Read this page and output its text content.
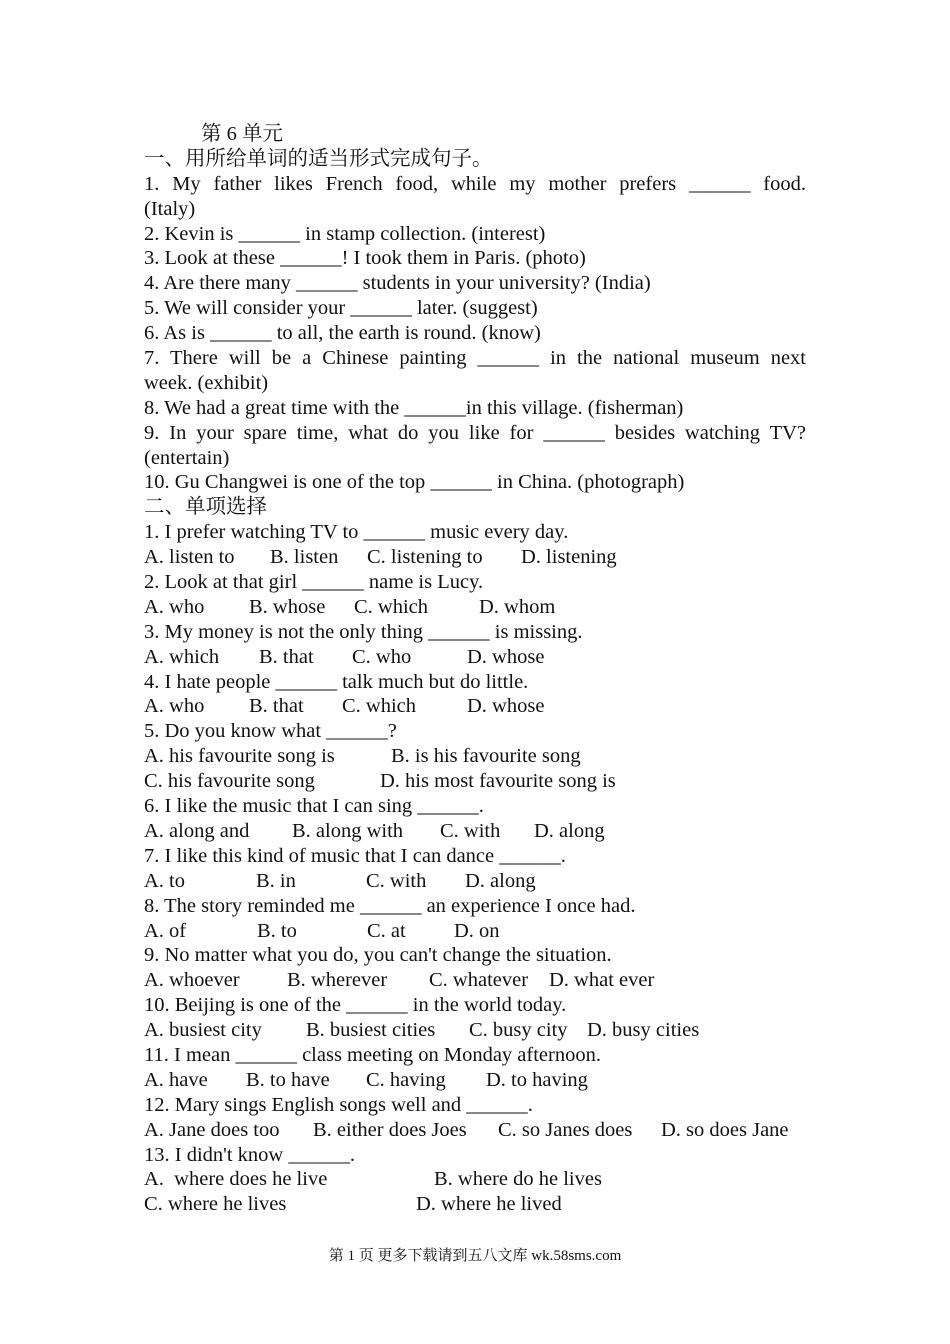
第 6 单元
一、用所给单词的适当形式完成句子。
1. My father likes French food, while my mother prefers ______ food.
(Italy)
2. Kevin is ______ in stamp collection. (interest)
3. Look at these ______! I took them in Paris. (photo)
4. Are there many ______ students in your university? (India)
5. We will consider your ______ later. (suggest)
6. As is ______ to all, the earth is round. (know)
7. There will be a Chinese painting ______ in the national museum next
week. (exhibit)
8. We had a great time with the ______in this village. (fisherman)
9. In your spare time, what do you like for ______ besides watching TV?
(entertain)
10. Gu Changwei is one of the top ______ in China. (photograph)
二、单项选择
1. I prefer watching TV to ______ music every day.
A. listen to B. listen C. listening to D. listening
2. Look at that girl ______ name is Lucy.
A. who B. whose C. which D. whom
3. My money is not the only thing ______ is missing.
A. which B. that C. who	D. whose
4. I hate people ______ talk much but do little.
A. who B. that C. which D. whose
5. Do you know what ______?
A. his favourite song is	B. is his favourite song
C. his favourite song	D. his most favourite song is
6. I like the music that I can sing ______.
A. along and B. along with C. with D. along
7. I like this kind of music that I can dance ______.
A. to	B. in	C. with D. along
8. The story reminded me ______ an experience I once had.
A. of	B. to	C. at D. on
9. No matter what you do, you can't change the situation.
A. whoever B. wherever C. whatever D. what ever
10. Beijing is one of the ______ in the world today.
A. busiest city B. busiest cities C. busy city D. busy cities
11. I mean ______ class meeting on Monday afternoon.
A. have B. to have C. having D. to having
12. Mary sings English songs well and ______.
A. Jane does too B. either does Joes C. so Janes does D. so does Jane
13. I didn't know ______.
A.  where does he live	B. where do he lives
C. where he lives	D. where he lived
第 1 页 更多下载请到五八文库 wk.58sms.com
